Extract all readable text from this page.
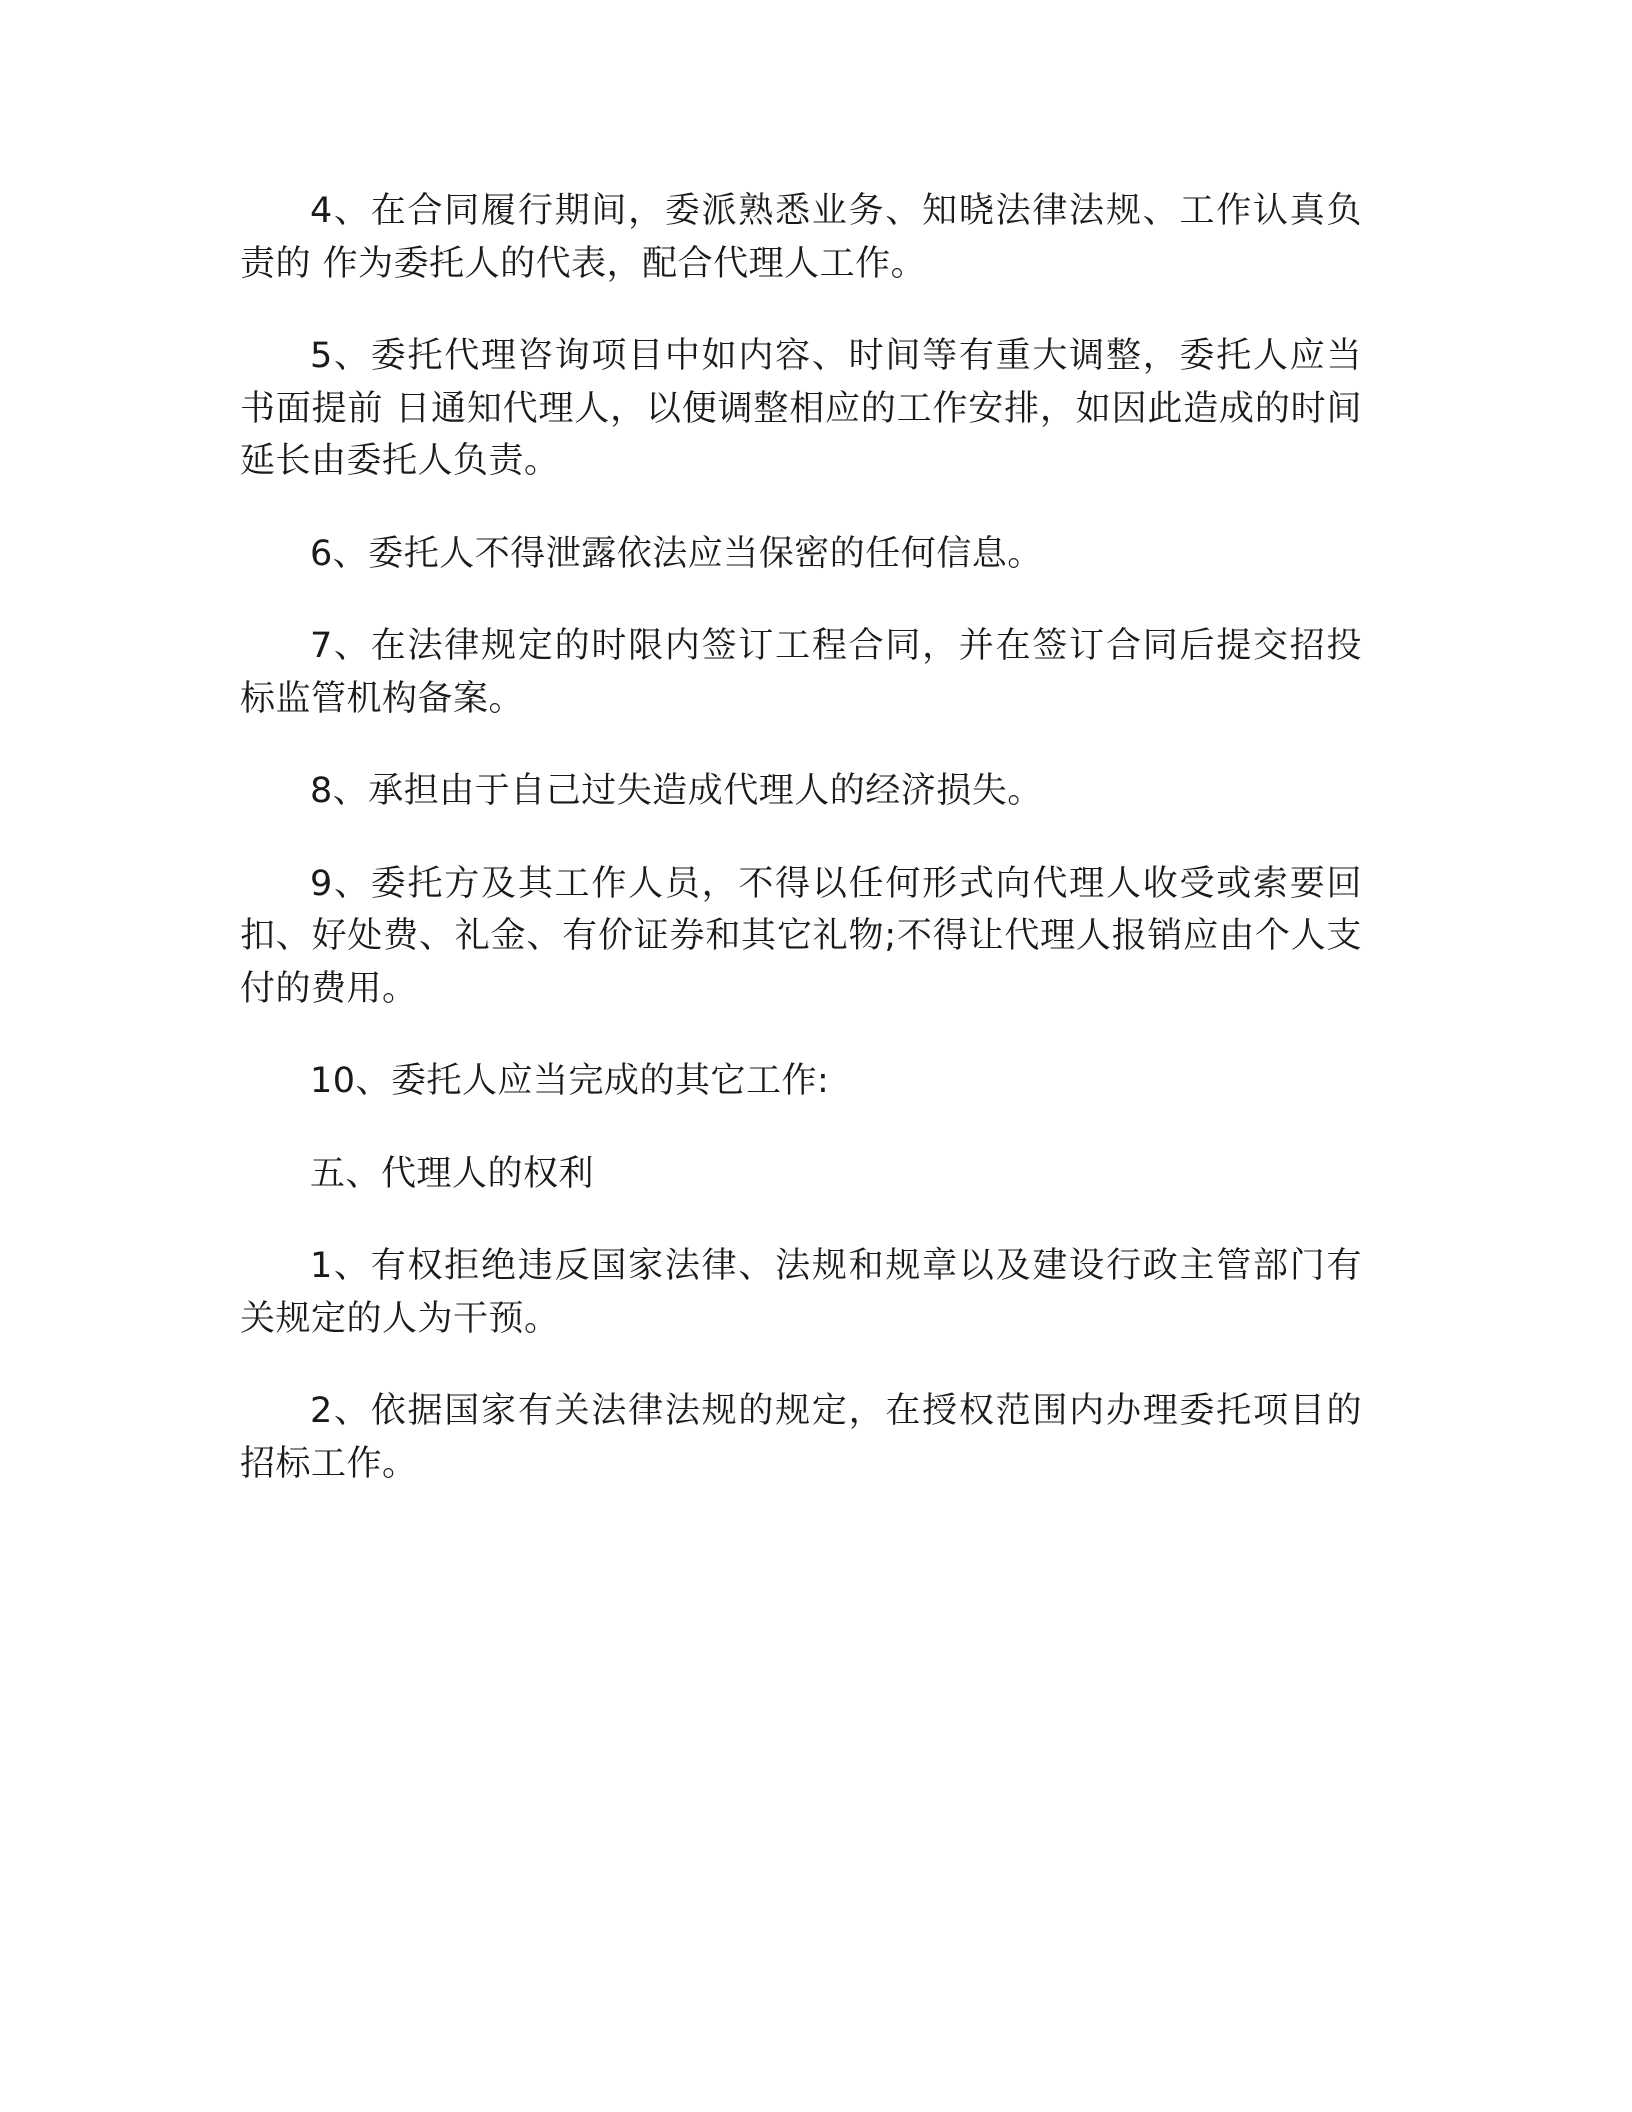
4、在合同履行期间，委派熟悉业务、知晓法律法规、工作认真负责的 作为委托人的代表，配合代理人工作。

5、委托代理咨询项目中如内容、时间等有重大调整，委托人应当书面提前 日通知代理人，以便调整相应的工作安排，如因此造成的时间延长由委托人负责。

6、委托人不得泄露依法应当保密的任何信息。

7、在法律规定的时限内签订工程合同，并在签订合同后提交招投标监管机构备案。

8、承担由于自己过失造成代理人的经济损失。

9、委托方及其工作人员，不得以任何形式向代理人收受或索要回扣、好处费、礼金、有价证券和其它礼物;不得让代理人报销应由个人支付的费用。

10、委托人应当完成的其它工作:

五、代理人的权利

1、有权拒绝违反国家法律、法规和规章以及建设行政主管部门有关规定的人为干预。

2、依据国家有关法律法规的规定，在授权范围内办理委托项目的招标工作。
